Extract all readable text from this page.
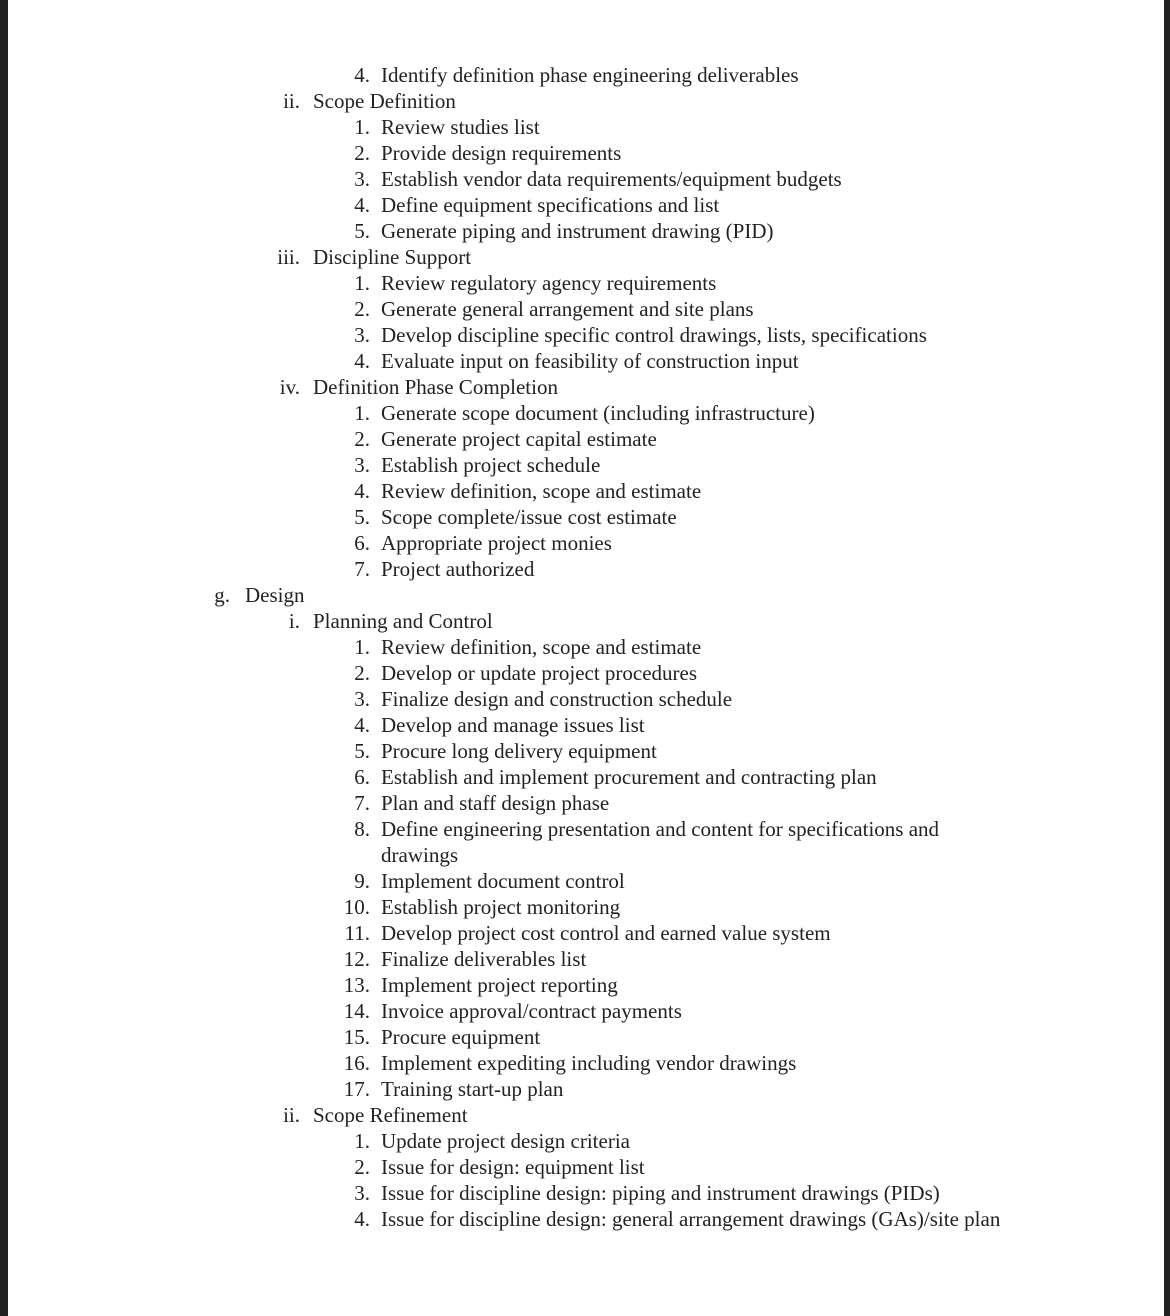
4. Identify definition phase engineering deliverables
ii. Scope Definition
1. Review studies list
2. Provide design requirements
3. Establish vendor data requirements/equipment budgets
4. Define equipment specifications and list
5. Generate piping and instrument drawing (PID)
iii. Discipline Support
1. Review regulatory agency requirements
2. Generate general arrangement and site plans
3. Develop discipline specific control drawings, lists, specifications
4. Evaluate input on feasibility of construction input
iv. Definition Phase Completion
1. Generate scope document (including infrastructure)
2. Generate project capital estimate
3. Establish project schedule
4. Review definition, scope and estimate
5. Scope complete/issue cost estimate
6. Appropriate project monies
7. Project authorized
g. Design
i. Planning and Control
1. Review definition, scope and estimate
2. Develop or update project procedures
3. Finalize design and construction schedule
4. Develop and manage issues list
5. Procure long delivery equipment
6. Establish and implement procurement and contracting plan
7. Plan and staff design phase
8. Define engineering presentation and content for specifications and drawings
9. Implement document control
10. Establish project monitoring
11. Develop project cost control and earned value system
12. Finalize deliverables list
13. Implement project reporting
14. Invoice approval/contract payments
15. Procure equipment
16. Implement expediting including vendor drawings
17. Training start-up plan
ii. Scope Refinement
1. Update project design criteria
2. Issue for design: equipment list
3. Issue for discipline design: piping and instrument drawings (PIDs)
4. Issue for discipline design: general arrangement drawings (GAs)/site plan
